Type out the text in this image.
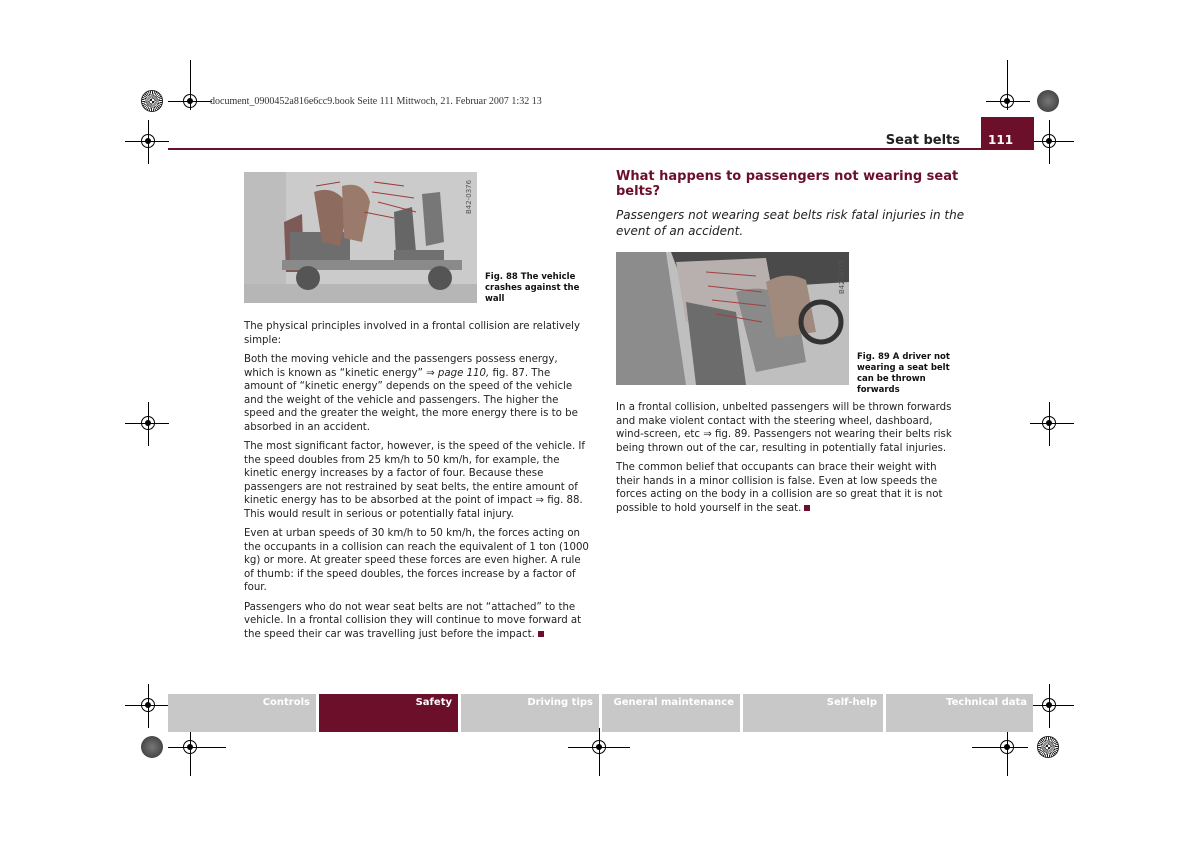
document_0900452a816e6cc9.book Seite 111 Mittwoch, 21. Februar 2007 1:32 13
Seat belts 111
B42-0376
Fig. 88 The vehicle crashes against the wall

The physical principles involved in a frontal collision are relatively simple:

Both the moving vehicle and the passengers possess energy, which is known as “kinetic energy” ⇒ page 110, fig. 87. The amount of “kinetic energy” depends on the speed of the vehicle and the weight of the vehicle and passengers. The higher the speed and the greater the weight, the more energy there is to be absorbed in an accident.

The most significant factor, however, is the speed of the vehicle. If the speed doubles from 25 km/h to 50 km/h, for example, the kinetic energy increases by a factor of four. Because these passengers are not restrained by seat belts, the entire amount of kinetic energy has to be absorbed at the point of impact ⇒ fig. 88. This would result in serious or potentially fatal injury.

Even at urban speeds of 30 km/h to 50 km/h, the forces acting on the occupants in a collision can reach the equivalent of 1 ton (1000 kg) or more. At greater speed these forces are even higher. A rule of thumb: if the speed doubles, the forces increase by a factor of four.

Passengers who do not wear seat belts are not “attached” to the vehicle. In a frontal collision they will continue to move forward at the speed their car was travelling just before the impact.

What happens to passengers not wearing seat belts?
Passengers not wearing seat belts risk fatal injuries in the event of an accident.
B42-0077
Fig. 89 A driver not wearing a seat belt can be thrown forwards

In a frontal collision, unbelted passengers will be thrown forwards and make violent contact with the steering wheel, dashboard, wind-screen, etc ⇒ fig. 89. Passengers not wearing their belts risk being thrown out of the car, resulting in potentially fatal injuries.

The common belief that occupants can brace their weight with their hands in a minor collision is false. Even at low speeds the forces acting on the body in a collision are so great that it is not possible to hold yourself in the seat.

Controls	Safety	Driving tips General maintenance	Self-help	Technical data
